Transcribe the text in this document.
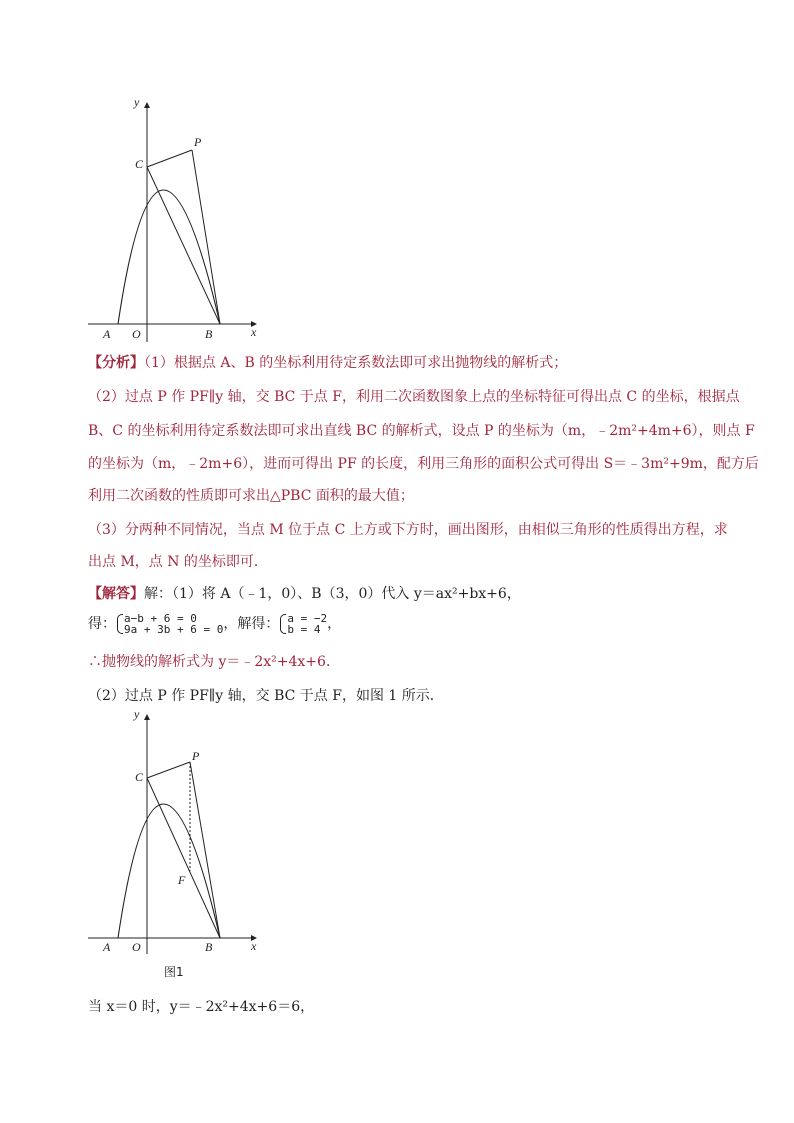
y
x
A O	B
C
P
【分析】（1）根据点 A、B 的坐标利用待定系数法即可求出抛物线的解析式；
（2）过点 P 作 PF∥y 轴，交 BC 于点 F，利用二次函数图象上点的坐标特征可得出点 C 的坐标，根据点
B、C 的坐标利用待定系数法即可求出直线 BC 的解析式，设点 P 的坐标为（m，﹣2m²+4m+6），则点 F
的坐标为（m，﹣2m+6），进而可得出 PF 的长度，利用三角形的面积公式可得出 S＝﹣3m²+9m，配方后
利用二次函数的性质即可求出△PBC 面积的最大值；
（3）分两种不同情况，当点 M 位于点 C 上方或下方时，画出图形，由相似三角形的性质得出方程，求
出点 M，点 N 的坐标即可．
【解答】解：（1）将 A（﹣1，0）、B（3，0）代入 y＝ax²+bx+6，
得： a−b + 6 = 0
9a + 3b + 6 = 0 ，解得： a = −2
b = 4 ，
∴抛物线的解析式为 y＝﹣2x²+4x+6．
（2）过点 P 作 PF∥y 轴，交 BC 于点 F，如图 1 所示．
y
x
A O	B
C
P
F
图1
当 x＝0 时，y＝﹣2x²+4x+6＝6，
